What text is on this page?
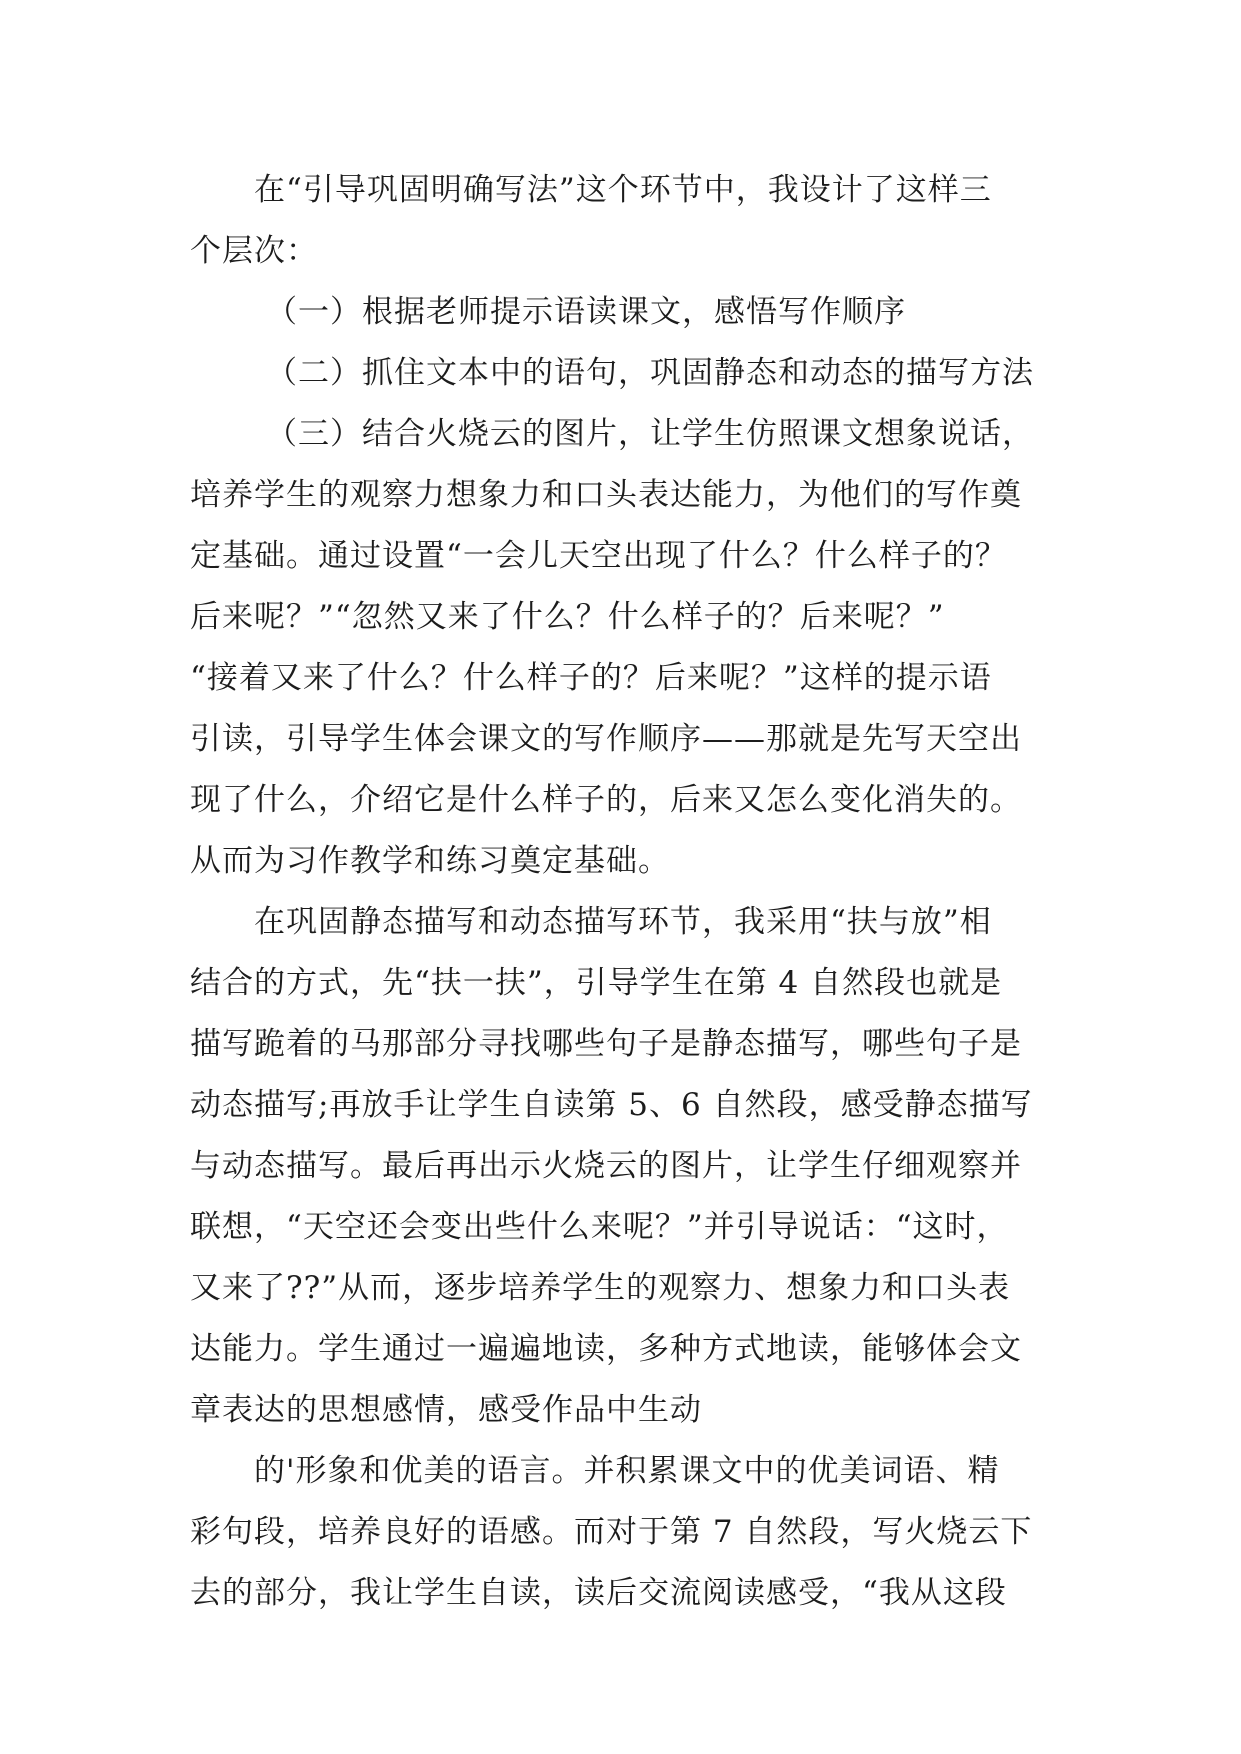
在“引导巩固明确写法”这个环节中，我设计了这样三
个层次：
（一）根据老师提示语读课文，感悟写作顺序
（二）抓住文本中的语句，巩固静态和动态的描写方法
（三）结合火烧云的图片，让学生仿照课文想象说话，
培养学生的观察力想象力和口头表达能力，为他们的写作奠
定基础。通过设置“一会儿天空出现了什么？什么样子的？
后来呢？”“忽然又来了什么？什么样子的？后来呢？”
“接着又来了什么？什么样子的？后来呢？”这样的提示语
引读，引导学生体会课文的写作顺序——那就是先写天空出
现了什么，介绍它是什么样子的，后来又怎么变化消失的。
从而为习作教学和练习奠定基础。
在巩固静态描写和动态描写环节，我采用“扶与放”相
结合的方式，先“扶一扶”，引导学生在第 4 自然段也就是
描写跪着的马那部分寻找哪些句子是静态描写，哪些句子是
动态描写;再放手让学生自读第 5、6 自然段，感受静态描写
与动态描写。最后再出示火烧云的图片，让学生仔细观察并
联想，“天空还会变出些什么来呢？”并引导说话：“这时，
又来了??”从而，逐步培养学生的观察力、想象力和口头表
达能力。学生通过一遍遍地读，多种方式地读，能够体会文
章表达的思想感情，感受作品中生动
的'形象和优美的语言。并积累课文中的优美词语、精
彩句段，培养良好的语感。而对于第 7 自然段，写火烧云下
去的部分，我让学生自读，读后交流阅读感受，“我从这段
